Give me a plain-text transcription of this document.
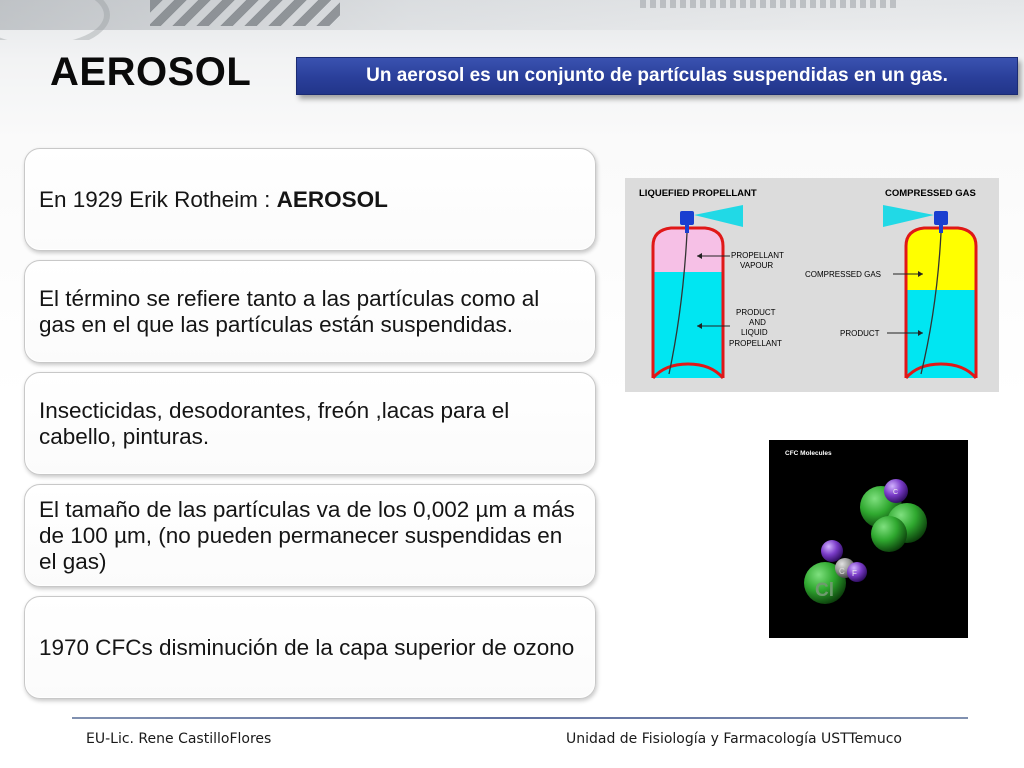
AEROSOL	Un aerosol es un conjunto de partículas suspendidas en un gas.
En 1929 Erik Rotheim : AEROSOL
El término se refiere tanto a las partículas como al gas en el que las partículas están suspendidas.
Insecticidas, desodorantes, freón ,lacas para el cabello, pinturas.
El tamaño de las partículas va de los 0,002 µm a más de 100 µm, (no pueden permanecer suspendidas en el gas)
1970 CFCs disminución de la capa superior de ozono
LIQUEFIED PROPELLANT	COMPRESSED GAS
PROPELLANT
VAPOUR
PRODUCT
AND
LIQUID
PROPELLANT
COMPRESSED GAS
PRODUCT
CFC Molecules
C
Cl
C F
EU-Lic. Rene CastilloFlores	Unidad de Fisiología y Farmacología USTTemuco
